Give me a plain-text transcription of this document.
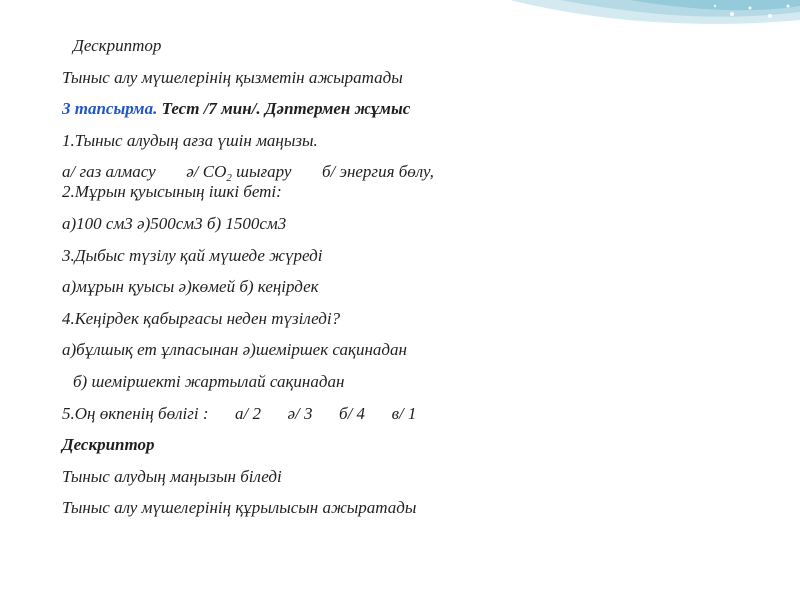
Дескриптор
Тыныс алу мүшелерінің қызметін ажыратады
3 тапсырма. Тест /7 мин/. Дәптермен жұмыс
1.Тыныс алудың ағза үшін маңызы.
а/ газ алмасу ә/ $СО_2$ шығару б/ энергия бөлу,
2.Мұрын қуысының ішкі беті:
а)100 см3 ә)500см3 б) 1500см3
3.Дыбыс түзілу қай мүшеде жүреді
а)мұрын қуысы ә)көмей б) кеңірдек
4.Кеңірдек қабырғасы неден түзіледі?
а)бұлшық ет ұлпасынан ә)шеміршек сақинадан
б) шеміршекті жартылай сақинадан
5.Оң өкпенің бөлігі : а/ 2 ә/ 3 б/ 4 в/ 1
Дескриптор
Тыныс алудың маңызын біледі
Тыныс алу мүшелерінің құрылысын ажыратады
